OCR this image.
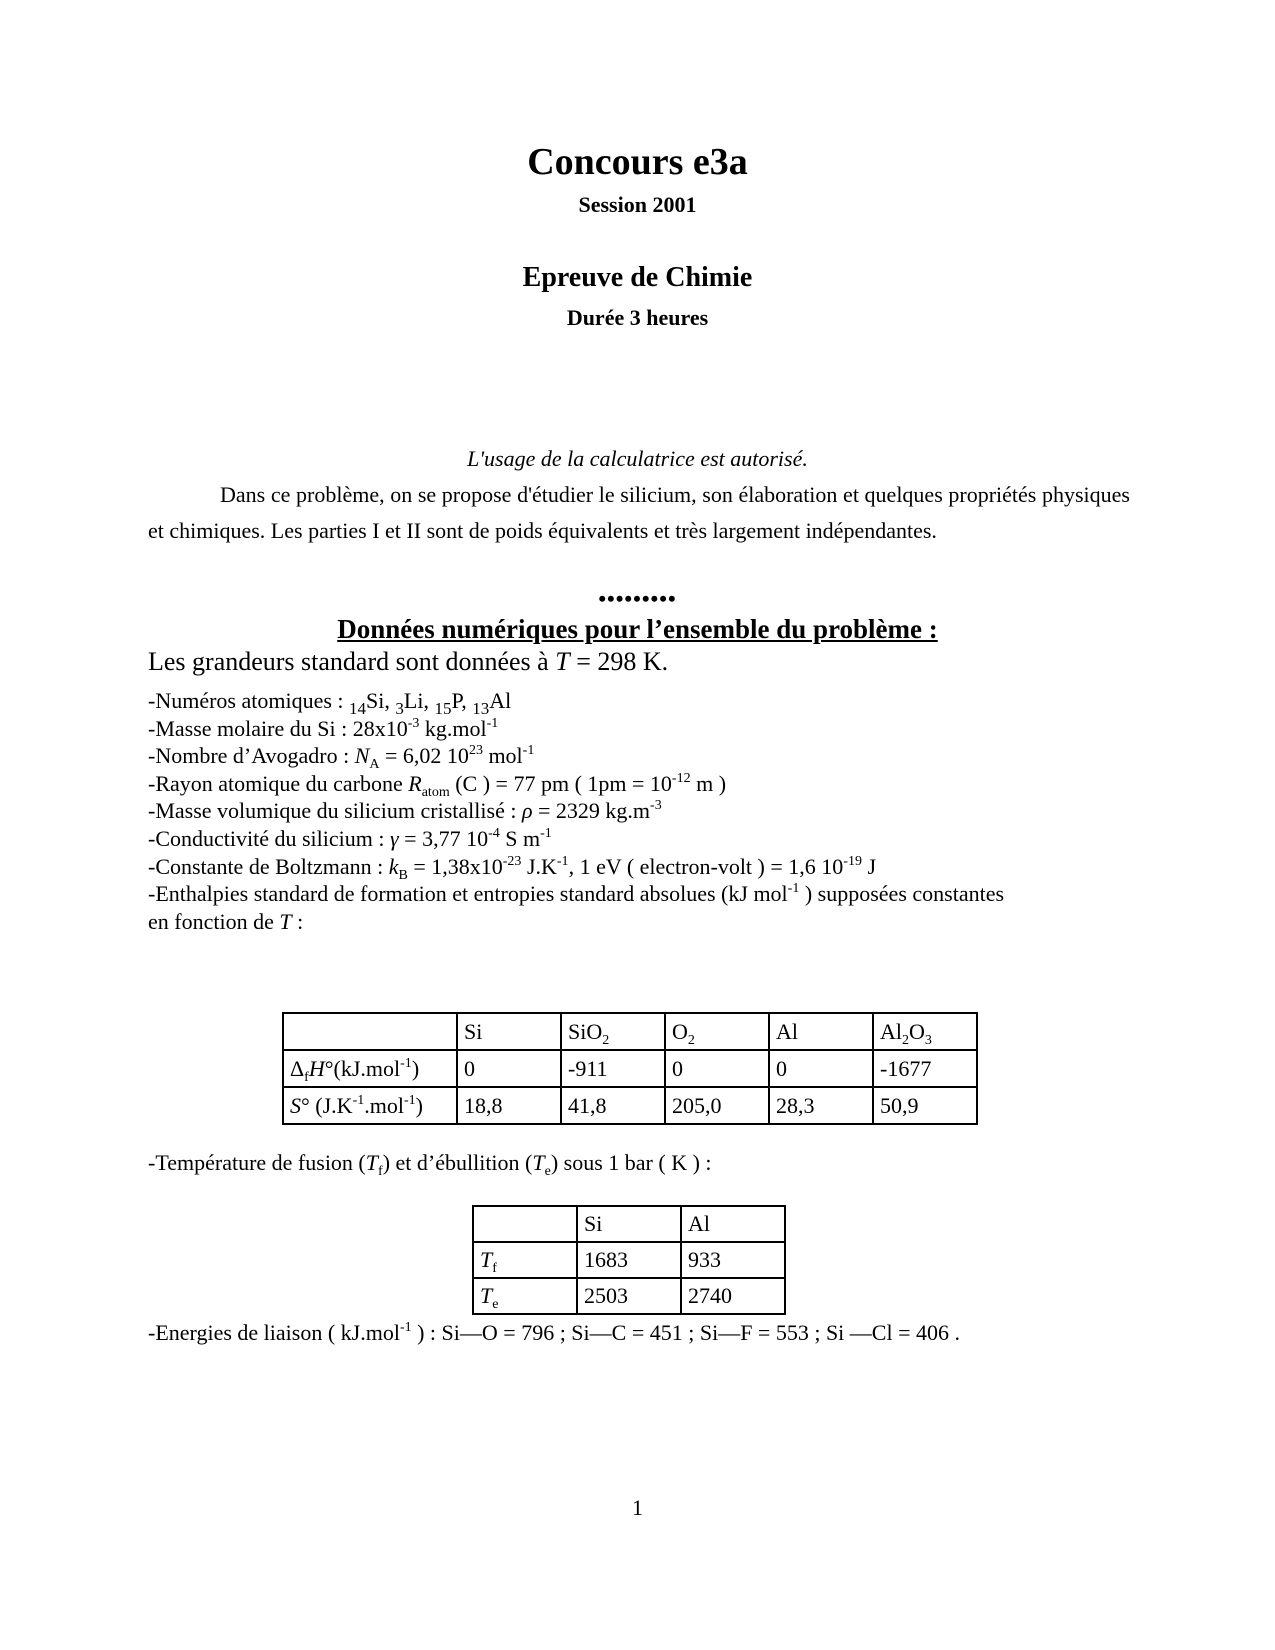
Concours e3a
Session 2001
Epreuve de Chimie
Durée 3 heures
L'usage de la calculatrice est autorisé.
Dans ce problème, on se propose d'étudier le silicium, son élaboration et quelques propriétés physiques et chimiques. Les parties I et II sont de poids équivalents et très largement indépendantes.
•••••••••
Données numériques pour l’ensemble du problème :
Les grandeurs standard sont données à T = 298 K.
-Numéros atomiques : $_{14}$Si, $_3$Li, $_{15}$P, $_{13}$Al
-Masse molaire du Si : $28x10^{-3}$ kg.mol$^{-1}$
-Nombre d’Avogadro : $N_A = 6,02$ $10^{23}$ mol$^{-1}$
-Rayon atomique du carbone $R_{atom}$ (C ) = 77 pm ( $1pm = 10^{-12}$ m )
-Masse volumique du silicium cristallisé : ρ = 2329 $kg.m^{-3}$
-Conductivité du silicium : γ = 3,77 $10^{-4}$ S $m^{-1}$
-Constante de Boltzmann : $k_B = 1,38x10^{-23}$ $J.K^{-1}$, 1 eV ( electron-volt ) = 1,6 $10^{-19}$ J
-Enthalpies standard de formation et entropies standard absolues (kJ mol$^{-1}$ ) supposées constantes
en fonction de T :
	Si	SiO$_2$	$O_2$	Al	$Al_2O_3$
$\Delta_fH^\circ(kJ.mol^{-1})$	0	-911	0	0	-1677
S° $(J.K^{-1}.mol^{-1})$	18,8	41,8	205,0	28,3	50,9
-Température de fusion $(T_f)$ et d’ébullition $(T_e)$ sous 1 bar ( K ) :
	Si	Al
$T_f$	1683	933
$T_e$	2503	2740
-Energies de liaison ( kJ.mol$^{-1}$ ) : Si—O = 796 ; Si—C = 451 ; Si—F = 553 ; Si —Cl = 406 .
1
